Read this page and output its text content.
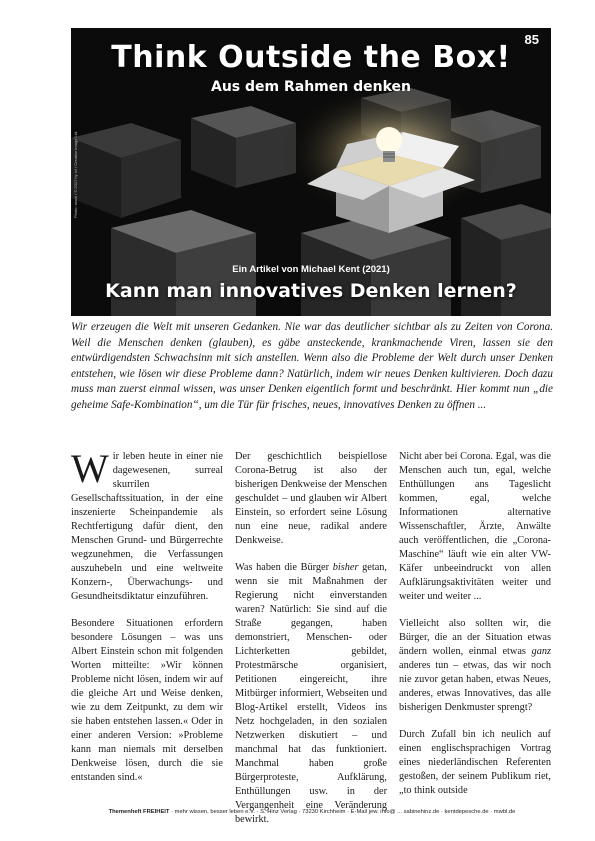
85
Think Outside the Box!
Aus dem Rahmen denken
Photo: stock / © 2017 by rcl / Creative Image Ltd.
Ein Artikel von Michael Kent (2021)
Kann man innovatives Denken lernen?

Wir erzeugen die Welt mit unseren Gedanken. Nie war das deutlicher sichtbar als zu Zeiten von Corona. Weil die Menschen denken (glauben), es gäbe ansteckende, krankmachende Viren, lassen sie den entwürdigendsten Schwachsinn mit sich anstellen. Wenn also die Probleme der Welt durch unser Denken entstehen, wie lösen wir diese Probleme dann? Natürlich, indem wir neues Denken kultivieren. Doch dazu muss man zuerst einmal wissen, was unser Denken eigentlich formt und beschränkt. Hier kommt nun „die geheime Safe-Kombination“, um die Tür für frisches, neues, innovatives Denken zu öffnen ...

Wir leben heute in einer nie dagewesenen, surreal skurrilen Gesellschaftssituation, in der eine inszenierte Scheinpandemie als Rechtfertigung dafür dient, den Menschen Grund- und Bürgerrechte wegzunehmen, die Verfassungen auszuhebeln und eine weltweite Konzern-, Überwachungs- und Gesundheitsdiktatur einzuführen.

Besondere Situationen erfordern besondere Lösungen – was uns Albert Einstein schon mit folgenden Worten mitteilte: »Wir können Probleme nicht lösen, indem wir auf die gleiche Art und Weise denken, wie zu dem Zeitpunkt, zu dem wir sie haben entstehen lassen.« Oder in einer anderen Version: »Probleme kann man niemals mit derselben Denkweise lösen, durch die sie entstanden sind.«

Der geschichtlich beispiellose Corona-Betrug ist also der bisherigen Denkweise der Menschen geschuldet – und glauben wir Albert Einstein, so erfordert seine Lösung nun eine neue, radikal andere Denkweise.

Was haben die Bürger bisher getan, wenn sie mit Maßnahmen der Regierung nicht einverstanden waren? Natürlich: Sie sind auf die Straße gegangen, haben demonstriert, Menschen- oder Lichterketten gebildet, Protestmärsche organisiert, Petitionen eingereicht, ihre Mitbürger informiert, Webseiten und Blog-Artikel erstellt, Videos ins Netz hochgeladen, in den sozialen Netzwerken diskutiert – und manchmal hat das funktioniert. Manchmal haben große Bürgerproteste, Aufklärung, Enthüllungen usw. in der Vergangenheit eine Veränderung bewirkt.

Nicht aber bei Corona. Egal, was die Menschen auch tun, egal, welche Enthüllungen ans Tageslicht kommen, egal, welche Informationen alternative Wissenschaftler, Ärzte, Anwälte auch veröffentlichen, die „Corona-Maschine“ läuft wie ein alter VW-Käfer unbeeindruckt von allen Aufklärungsaktivitäten weiter und weiter und weiter ...

Vielleicht also sollten wir, die Bürger, die an der Situation etwas ändern wollen, einmal etwas ganz anderes tun – etwas, das wir noch nie zuvor getan haben, etwas Neues, anderes, etwas Innovatives, das alle bisherigen Denkmuster sprengt?

Durch Zufall bin ich neulich auf einen englischsprachigen Vortrag eines niederländischen Referenten gestoßen, der seinem Publikum riet, „to think outside

Themenheft FREIHEIT · mehr wissen, besser leben e.V. · S. Hinz Verlag · 73230 Kirchheim · E-Mail jew. info@ ... sabinehinz.de · kentdepesche.de · mwbl.de
